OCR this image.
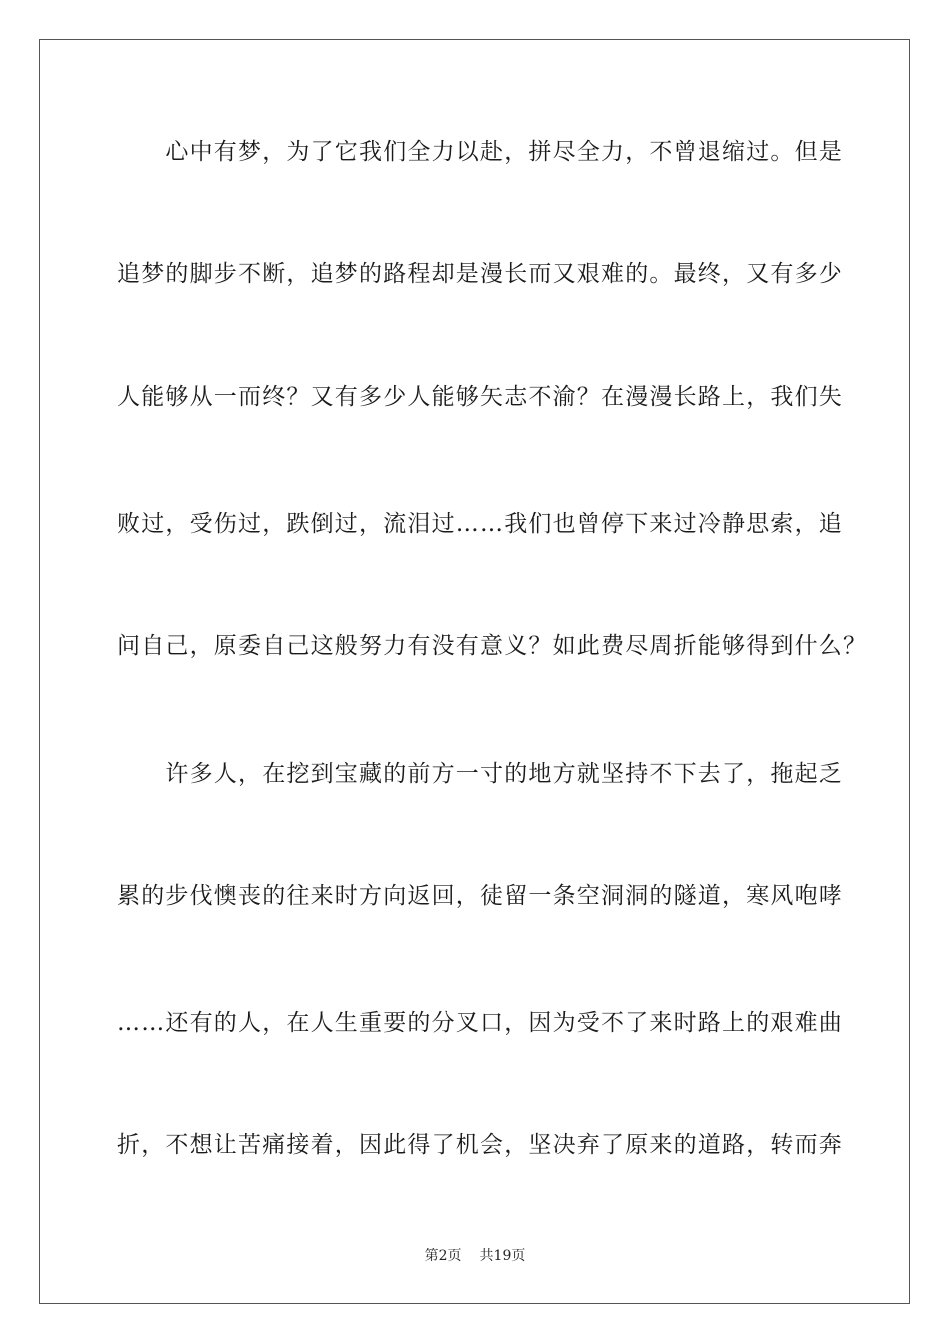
　　心中有梦，为了它我们全力以赴，拼尽全力，不曾退缩过。但是
追梦的脚步不断，追梦的路程却是漫长而又艰难的。最终，又有多少
人能够从一而终？又有多少人能够矢志不渝？在漫漫长路上，我们失
败过，受伤过，跌倒过，流泪过……我们也曾停下来过冷静思索，追
问自己，原委自己这般努力有没有意义？如此费尽周折能够得到什么？
　　许多人，在挖到宝藏的前方一寸的地方就坚持不下去了，拖起乏
累的步伐懊丧的往来时方向返回，徒留一条空洞洞的隧道，寒风咆哮
……还有的人，在人生重要的分叉口，因为受不了来时路上的艰难曲
折，不想让苦痛接着，因此得了机会，坚决弃了原来的道路，转而奔
第2页 共19页
